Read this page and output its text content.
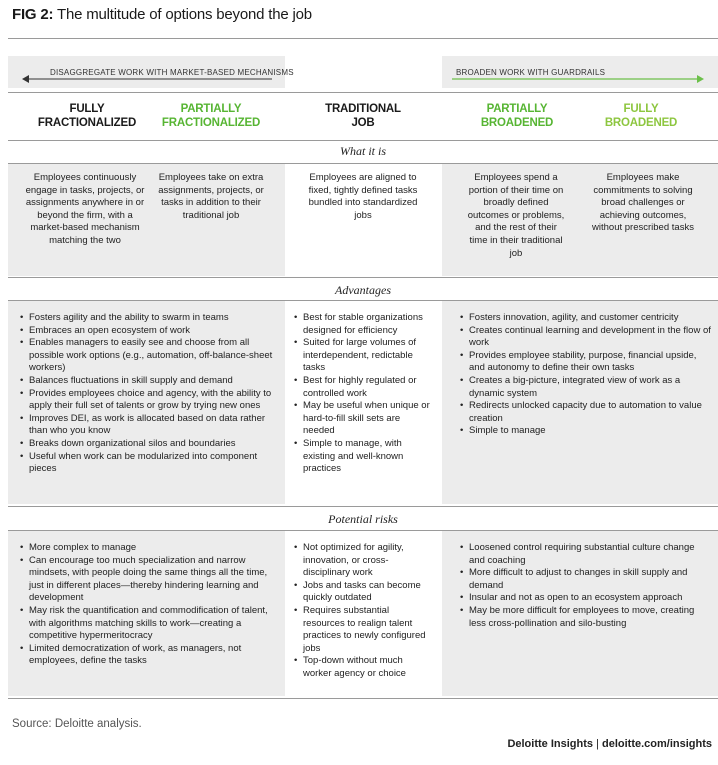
FIG 2: The multitude of options beyond the job
DISAGGREGATE WORK WITH MARKET-BASED MECHANISMS	BROADEN WORK WITH GUARDRAILS
FULLY
FRACTIONALIZED
PARTIALLY
FRACTIONALIZED
TRADITIONAL
JOB
PARTIALLY
BROADENED
FULLY
BROADENED
What it is
Employees continuously engage in tasks, projects, or assignments anywhere in or beyond the firm, with a market-based mechanism matching the two
Employees take on extra assignments, projects, or tasks in addition to their traditional job
Employees are aligned to fixed, tightly defined tasks bundled into standardized jobs
Employees spend a portion of their time on broadly defined outcomes or problems, and the rest of their time in their traditional job
Employees make commitments to solving broad challenges or achieving outcomes, without prescribed tasks
Advantages
• Fosters agility and the ability to swarm in teams
• Embraces an open ecosystem of work
• Enables managers to easily see and choose from all possible work options (e.g., automation, off-balance-sheet workers)
• Balances fluctuations in skill supply and demand
• Provides employees choice and agency, with the ability to apply their full set of talents or grow by trying new ones
• Improves DEI, as work is allocated based on data rather than who you know
• Breaks down organizational silos and boundaries
• Useful when work can be modularized into component pieces
• Best for stable organizations designed for efficiency
• Suited for large volumes of interdependent, redictable tasks
• Best for highly regulated or controlled work
• May be useful when unique or hard-to-fill skill sets are needed
• Simple to manage, with existing and well-known practices
• Fosters innovation, agility, and customer centricity
• Creates continual learning and development in the flow of work
• Provides employee stability, purpose, financial upside, and autonomy to define their own tasks
• Creates a big-picture, integrated view of work as a dynamic system
• Redirects unlocked capacity due to automation to value creation
• Simple to manage
Potential risks
• More complex to manage
• Can encourage too much specialization and narrow mindsets, with people doing the same things all the time, just in different places—thereby hindering learning and development
• May risk the quantification and commodification of talent, with algorithms matching skills to work—creating a competitive hypermeritocracy
• Limited democratization of work, as managers, not employees, define the tasks
• Not optimized for agility, innovation, or cross-disciplinary work
• Jobs and tasks can become quickly outdated
• Requires substantial resources to realign talent practices to newly configured jobs
• Top-down without much worker agency or choice
• Loosened control requiring substantial culture change and coaching
• More difficult to adjust to changes in skill supply and demand
• Insular and not as open to an ecosystem approach
• May be more difficult for employees to move, creating less cross-pollination and silo-busting
Source: Deloitte analysis.
Deloitte Insights | deloitte.com/insights
